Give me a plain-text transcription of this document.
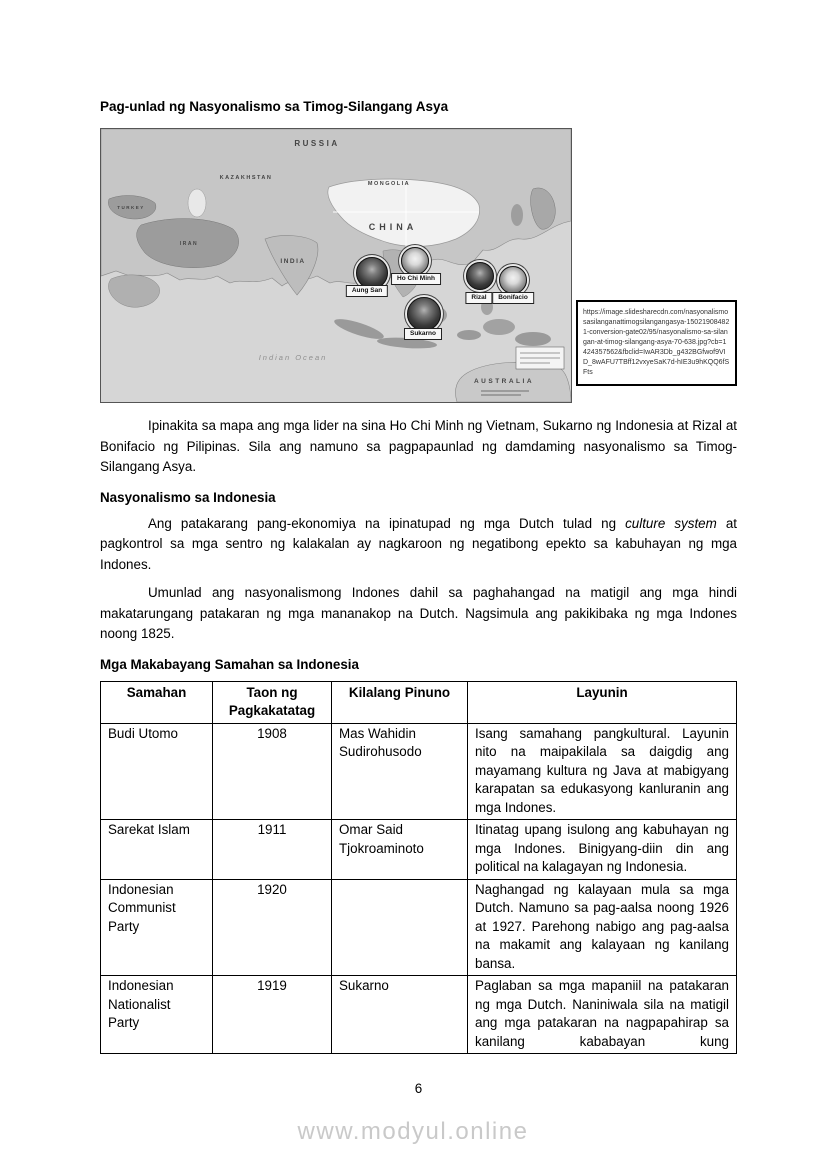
Pag-unlad ng Nasyonalismo sa Timog-Silangang Asya
RUSSIA
KAZAKHSTAN
MONGOLIA
CHINA
INDIA
IRAN
TURKEY
Indian Ocean
AUSTRALIA
Aung San
Ho Chi Minh
Rizal	Bonifacio
Sukarno
https://image.slidesharecdn.com/nasyonalismosasilanganattimogsilangangasya-150219084821-conversion-gate02/95/nasyonalismo-sa-silangan-at-timog-silangang-asya-70-638.jpg?cb=1424357562&fbclid=IwAR3Db_g432BGfwof9VID_8wAFU7TBff12vxyeSaK7d-hIE3u9hKQQ6fSFts

Ipinakita sa mapa ang mga lider na sina Ho Chi Minh ng Vietnam, Sukarno ng Indonesia at Rizal at Bonifacio ng Pilipinas. Sila ang namuno sa pagpapaunlad ng damdaming nasyonalismo sa Timog-Silangang Asya.

Nasyonalismo sa Indonesia

Ang patakarang pang-ekonomiya na ipinatupad ng mga Dutch tulad ng culture system at pagkontrol sa mga sentro ng kalakalan ay nagkaroon ng negatibong epekto sa kabuhayan ng mga Indones.

Umunlad ang nasyonalismong Indones dahil sa paghahangad na matigil ang mga hindi makatarungang patakaran ng mga mananakop na Dutch. Nagsimula ang pakikibaka ng mga Indones noong 1825.

Mga Makabayang Samahan sa Indonesia
Samahan	Taon ng Pagkakatatag	Kilalang Pinuno	Layunin
Budi Utomo	1908	Mas Wahidin Sudirohusodo	Isang samahang pangkultural. Layunin nito na maipakilala sa daigdig ang mayamang kultura ng Java at mabigyang karapatan sa edukasyong kanluranin ang mga Indones.
Sarekat Islam	1911	Omar Said Tjokroaminoto	Itinatag upang isulong ang kabuhayan ng mga Indones. Binigyang-diin din ang political na kalagayan ng Indonesia.
Indonesian Communist Party	1920		Naghangad ng kalayaan mula sa mga Dutch. Namuno sa pag-aalsa noong 1926 at 1927. Parehong nabigo ang pag-aalsa na makamit ang kalayaan ng kanilang bansa.
Indonesian Nationalist Party	1919	Sukarno	Paglaban sa mga mapaniil na patakaran ng mga Dutch. Naniniwala sila na matigil ang mga patakaran na nagpapahirap sa kanilang kababayan kung
6
www.modyul.online
